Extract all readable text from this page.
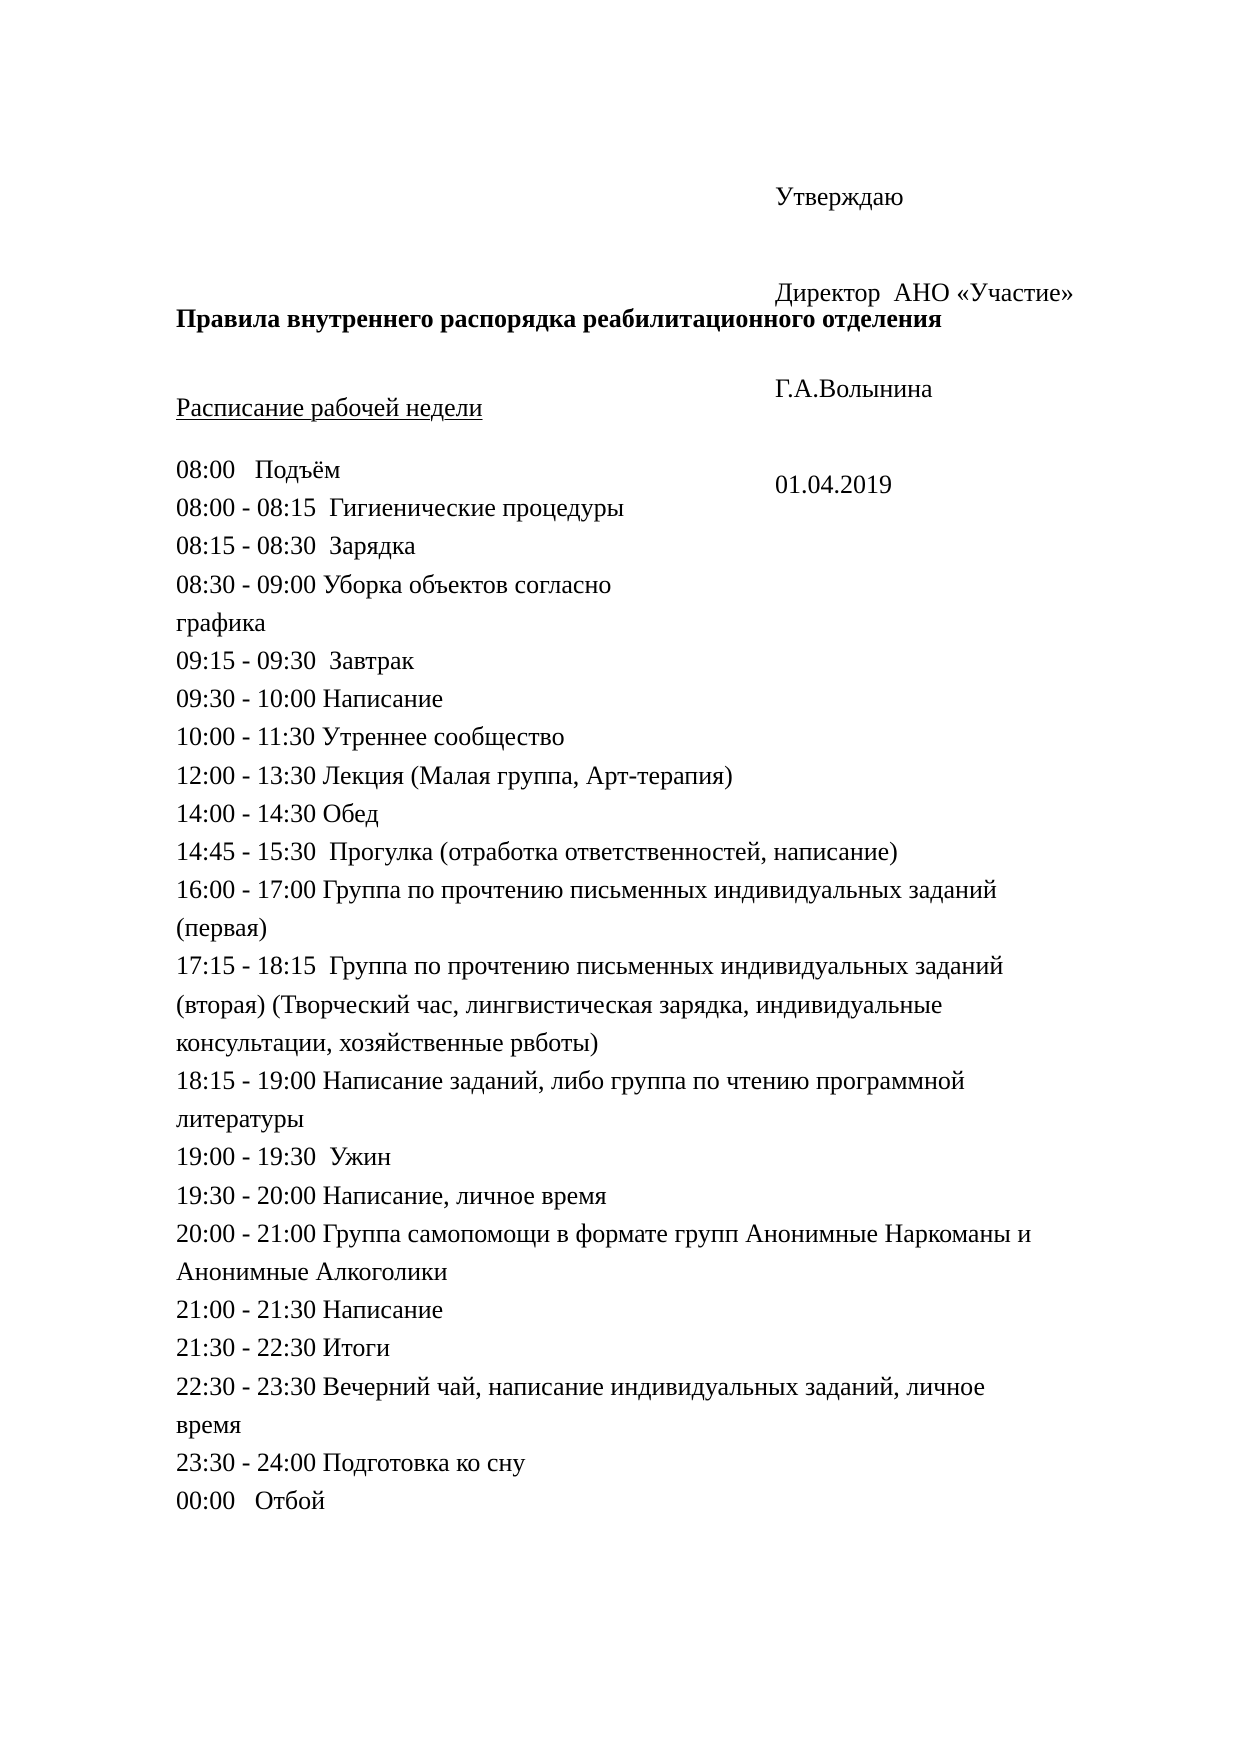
Утверждаю

Директор  АНО «Участие»

Г.А.Волынина

01.04.2019

Правила внутреннего распорядка реабилитационного отделения
Расписание рабочей недели
08:00   Подъём
08:00 - 08:15  Гигиенические процедуры
08:15 - 08:30  Зарядка
08:30 - 09:00 Уборка объектов согласно
графика
09:15 - 09:30  Завтрак
09:30 - 10:00 Написание
10:00 - 11:30 Утреннее сообщество
12:00 - 13:30 Лекция (Малая группа, Арт-терапия)
14:00 - 14:30 Обед
14:45 - 15:30  Прогулка (отработка ответственностей, написание)
16:00 - 17:00 Группа по прочтению письменных индивидуальных заданий
(первая)
17:15 - 18:15  Группа по прочтению письменных индивидуальных заданий
(вторая) (Творческий час, лингвистическая зарядка, индивидуальные
консультации, хозяйственные рвботы)
18:15 - 19:00 Написание заданий, либо группа по чтению программной
литературы
19:00 - 19:30  Ужин
19:30 - 20:00 Написание, личное время
20:00 - 21:00 Группа самопомощи в формате групп Анонимные Наркоманы и
Анонимные Алкоголики
21:00 - 21:30 Написание
21:30 - 22:30 Итоги
22:30 - 23:30 Вечерний чай, написание индивидуальных заданий, личное
время
23:30 - 24:00 Подготовка ко сну
00:00   Отбой
